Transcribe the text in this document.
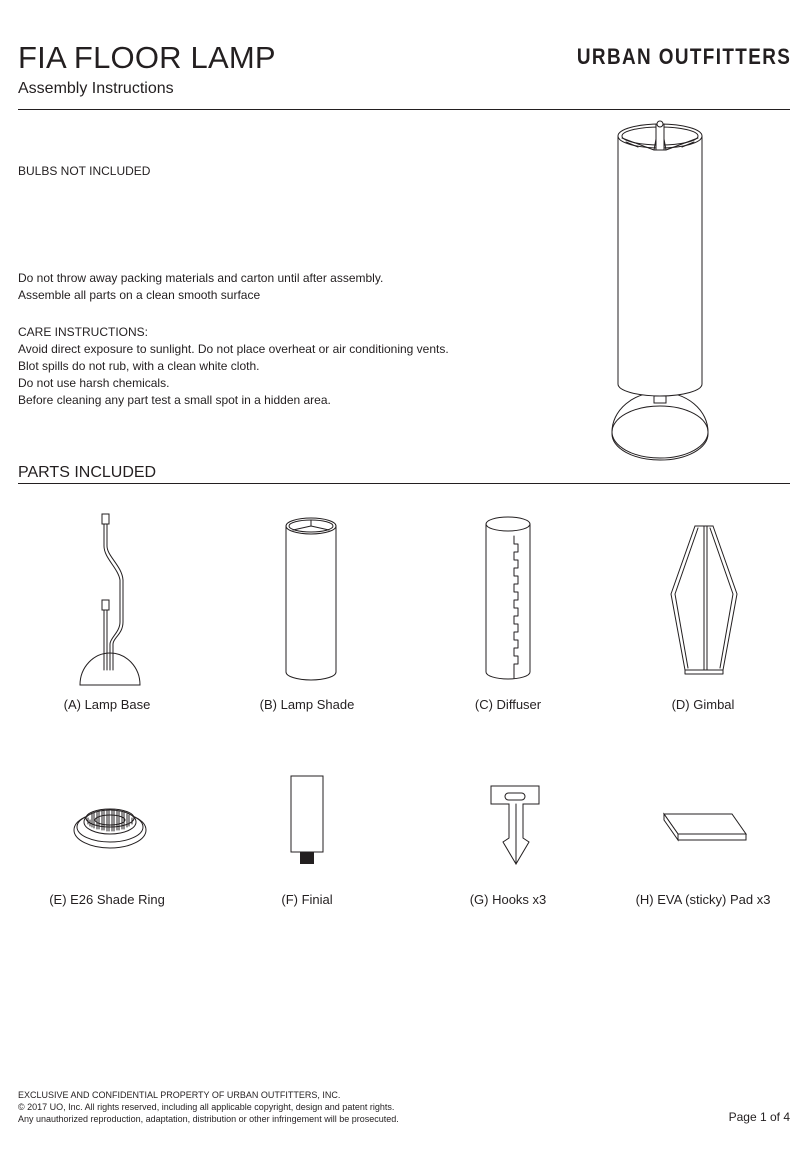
FIA FLOOR LAMP
Assembly Instructions
URBAN OUTFITTERS
BULBS NOT INCLUDED
Do not throw away packing materials and carton until after assembly.
Assemble all parts on a clean smooth surface
CARE INSTRUCTIONS:
Avoid direct exposure to sunlight. Do not place overheat or air conditioning vents.
Blot spills do not rub, with a clean white cloth.
Do not use harsh chemicals.
Before cleaning any part test a small spot in a hidden area.
PARTS INCLUDED
(A) Lamp Base	(B) Lamp Shade	(C) Diffuser	(D) Gimbal
(E) E26 Shade Ring	(F) Finial	(G) Hooks x3	(H) EVA (sticky) Pad x3
EXCLUSIVE AND CONFIDENTIAL PROPERTY OF URBAN OUTFITTERS, INC.
© 2017 UO, Inc. All rights reserved, including all applicable copyright, design and patent rights.
Any unauthorized reproduction, adaptation, distribution or other infringement will be prosecuted.	Page 1 of 4
